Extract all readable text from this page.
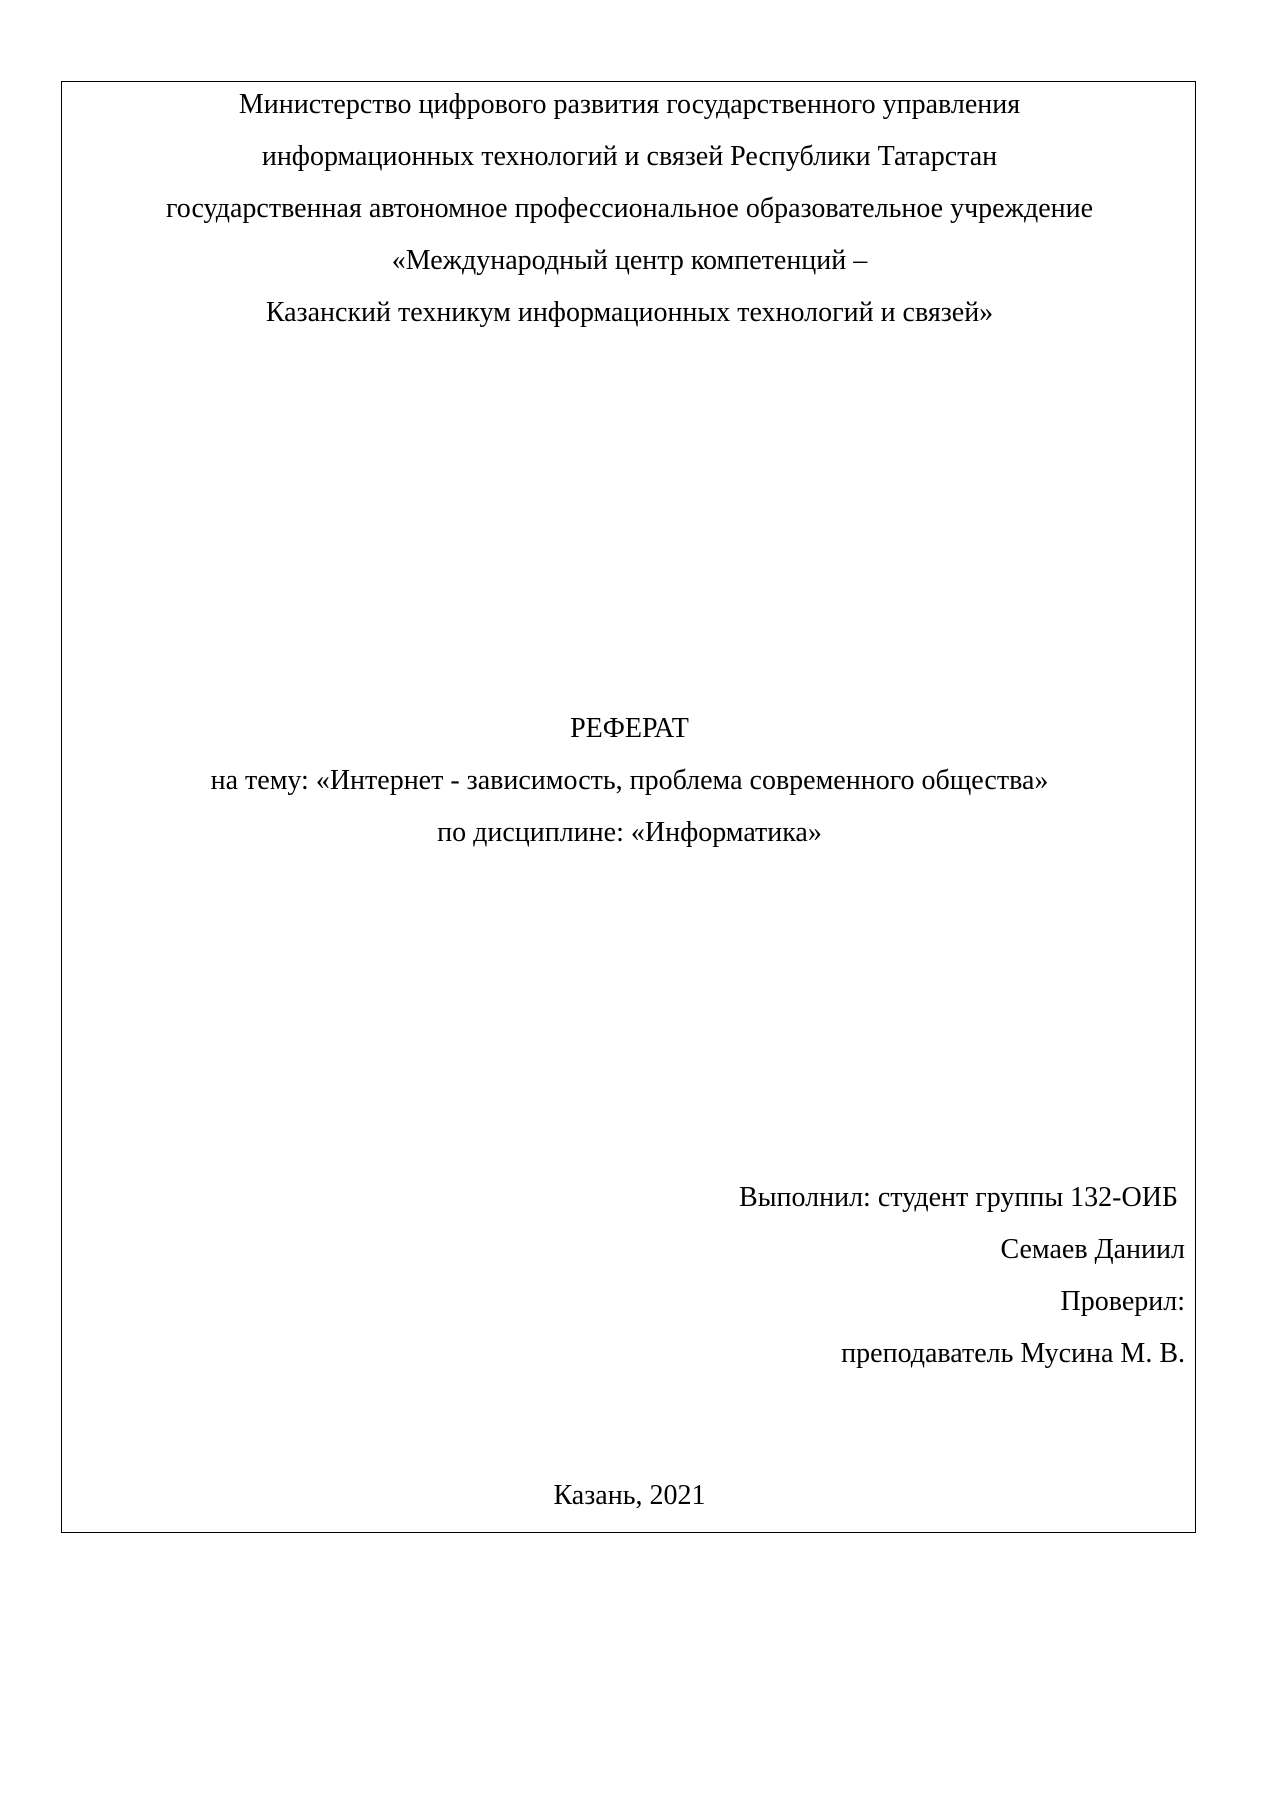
Министерство цифрового развития государственного управления
информационных технологий и связей Республики Татарстан
государственная автономное профессиональное образовательное учреждение
«Международный центр компетенций –
Казанский техникум информационных технологий и связей»
РЕФЕРАТ
на тему: «Интернет - зависимость, проблема современного общества»
по дисциплине: «Информатика»
Выполнил: студент группы 132-ОИБ
Семаев Даниил
Проверил:
преподаватель Мусина М. В.
Казань, 2021
